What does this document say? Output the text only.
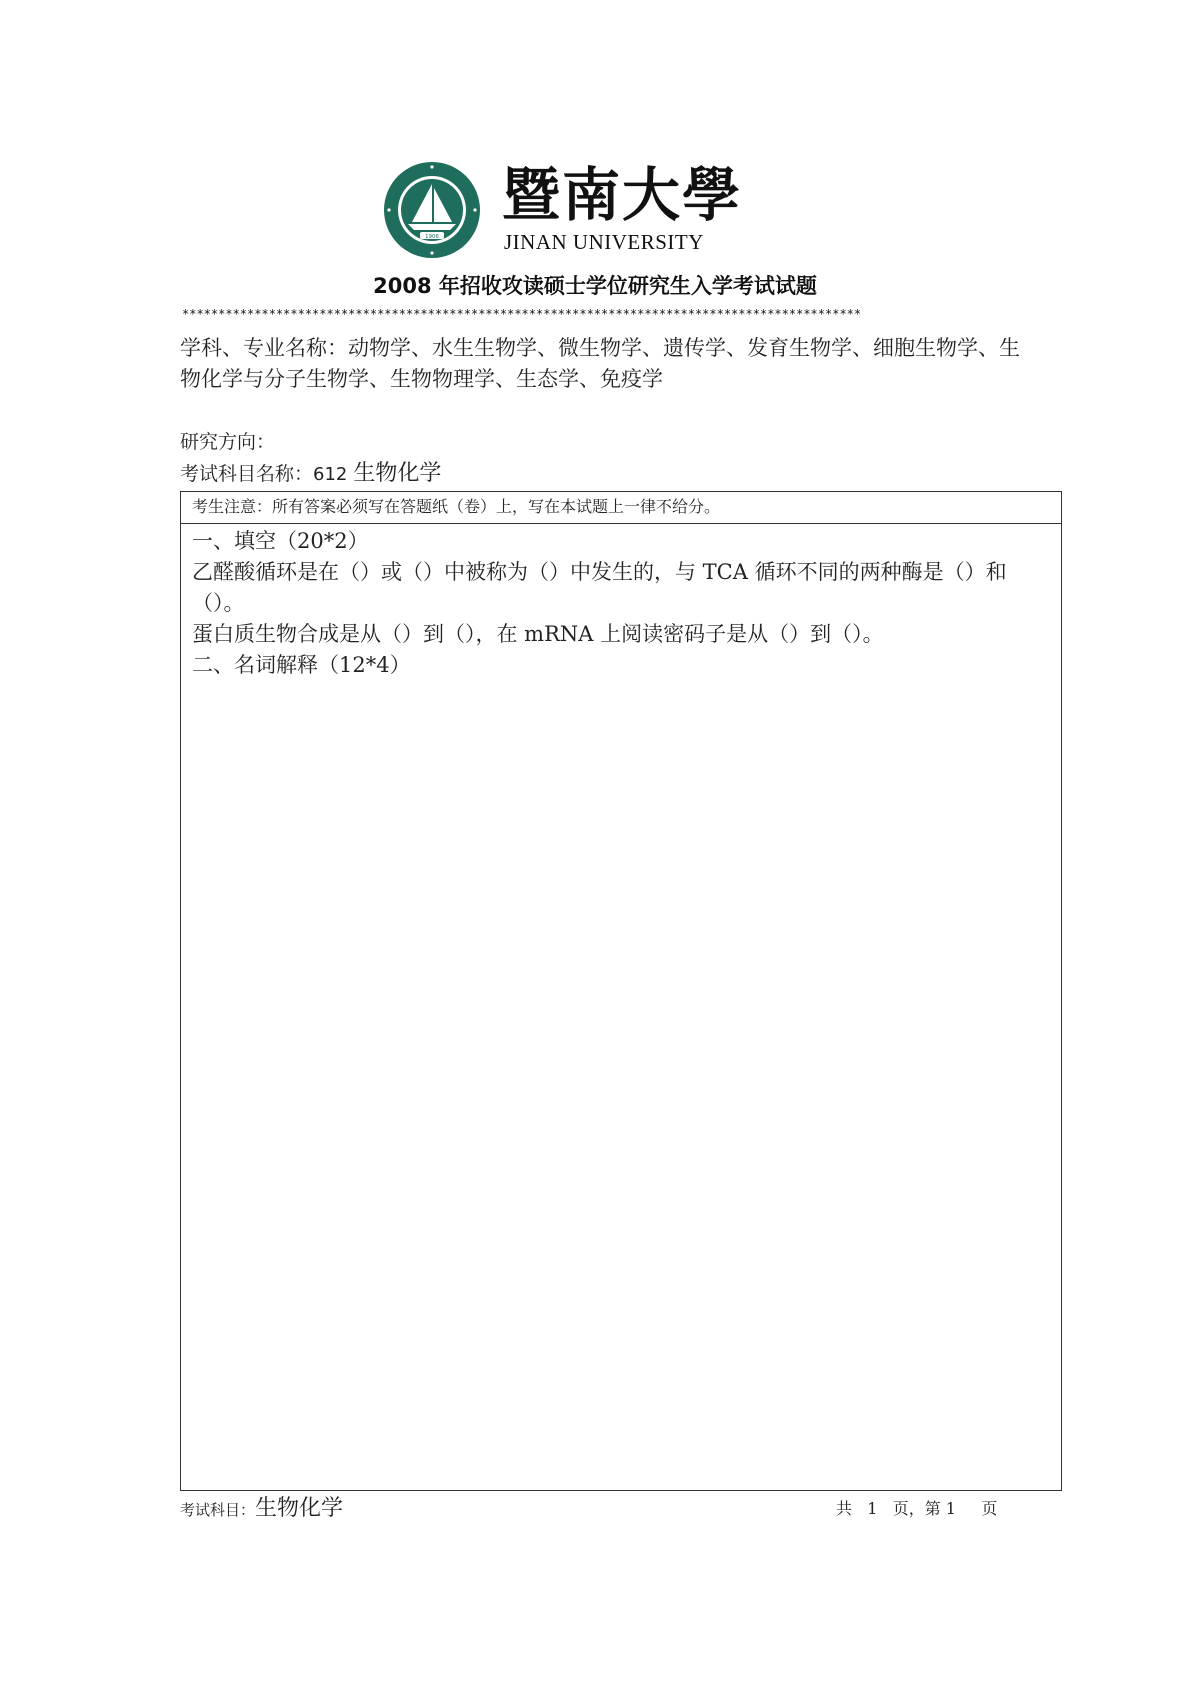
1906
暨南大學
JINAN UNIVERSITY
2008 年招收攻读硕士学位研究生入学考试试题
**********************************************************************************************
学科、专业名称：动物学、水生生物学、微生物学、遗传学、发育生物学、细胞生物学、生物化学与分子生物学、生物物理学、生态学、免疫学
研究方向：
考试科目名称：612 生物化学
考生注意：所有答案必须写在答题纸（卷）上，写在本试题上一律不给分。

一、填空（20*2）

乙醛酸循环是在（）或（）中被称为（）中发生的，与 TCA 循环不同的两种酶是（）和（）。

蛋白质生物合成是从（）到（），在 mRNA 上阅读密码子是从（）到（）。

二、名词解释（12*4）

考试科目：生物化学	共   1   页，第 1     页
